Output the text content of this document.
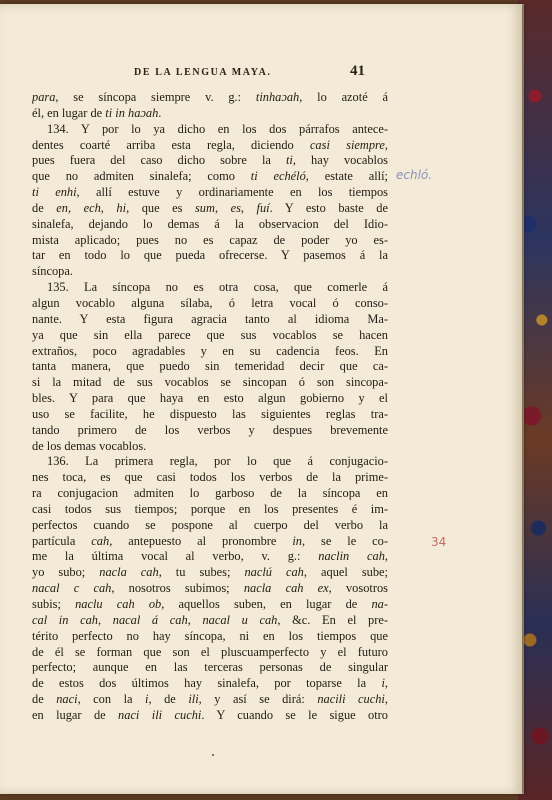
DE LA LENGUA MAYA.	41
para, se síncopa siempre v. g.: tinhaɔah, lo azoté á
él, en lugar de ti in haɔah.
134. Y por lo ya dicho en los dos párrafos antece-
dentes coarté arriba esta regla, diciendo casi siempre,
pues fuera del caso dicho sobre la ti, hay vocablos
que no admiten sinalefa; como ti echéló, estate allí;
ti enhi, allí estuve y ordinariamente en los tiempos
de en, ech, hi, que es sum, es, fuí. Y esto baste de
sinalefa, dejando lo demas á la observacion del Idio-
mista aplicado; pues no es capaz de poder yo es-
tar en todo lo que pueda ofrecerse. Y pasemos á la
síncopa.
135. La síncopa no es otra cosa, que comerle á
algun vocablo alguna sílaba, ó letra vocal ó conso-
nante. Y esta figura agracia tanto al idioma Ma-
ya que sin ella parece que sus vocablos se hacen
extraños, poco agradables y en su cadencia feos. En
tanta manera, que puedo sin temeridad decir que ca-
si la mitad de sus vocablos se sincopan ó son sincopa-
bles. Y para que haya en esto algun gobierno y el
uso se facilite, he dispuesto las siguientes reglas tra-
tando primero de los verbos y despues brevemente
de los demas vocablos.
136. La primera regla, por lo que á conjugacio-
nes toca, es que casi todos los verbos de la prime-
ra conjugacion admiten lo garboso de la síncopa en
casi todos sus tiempos; porque en los presentes é im-
perfectos cuando se pospone al cuerpo del verbo la
partícula cah, antepuesto al pronombre in, se le co-
me la última vocal al verbo, v. g.: naclin cah,
yo subo; nacla cah, tu subes; naclú cah, aquel sube;
nacal c cah, nosotros subimos; nacla cah ex, vosotros
subis; naclu cah ob, aquellos suben, en lugar de na-
cal in cah, nacal á cah, nacal u cah, &c. En el pre-
térito perfecto no hay síncopa, ni en los tiempos que
de él se forman que son el pluscuamperfecto y el futuro
perfecto; aunque en las terceras personas de singular
de estos dos últimos hay sinalefa, por toparse la i,
de naci, con la i, de ili, y así se dirá: nacili cuchi,
en lugar de naci ili cuchi. Y cuando se le sigue otro
echló.
34
